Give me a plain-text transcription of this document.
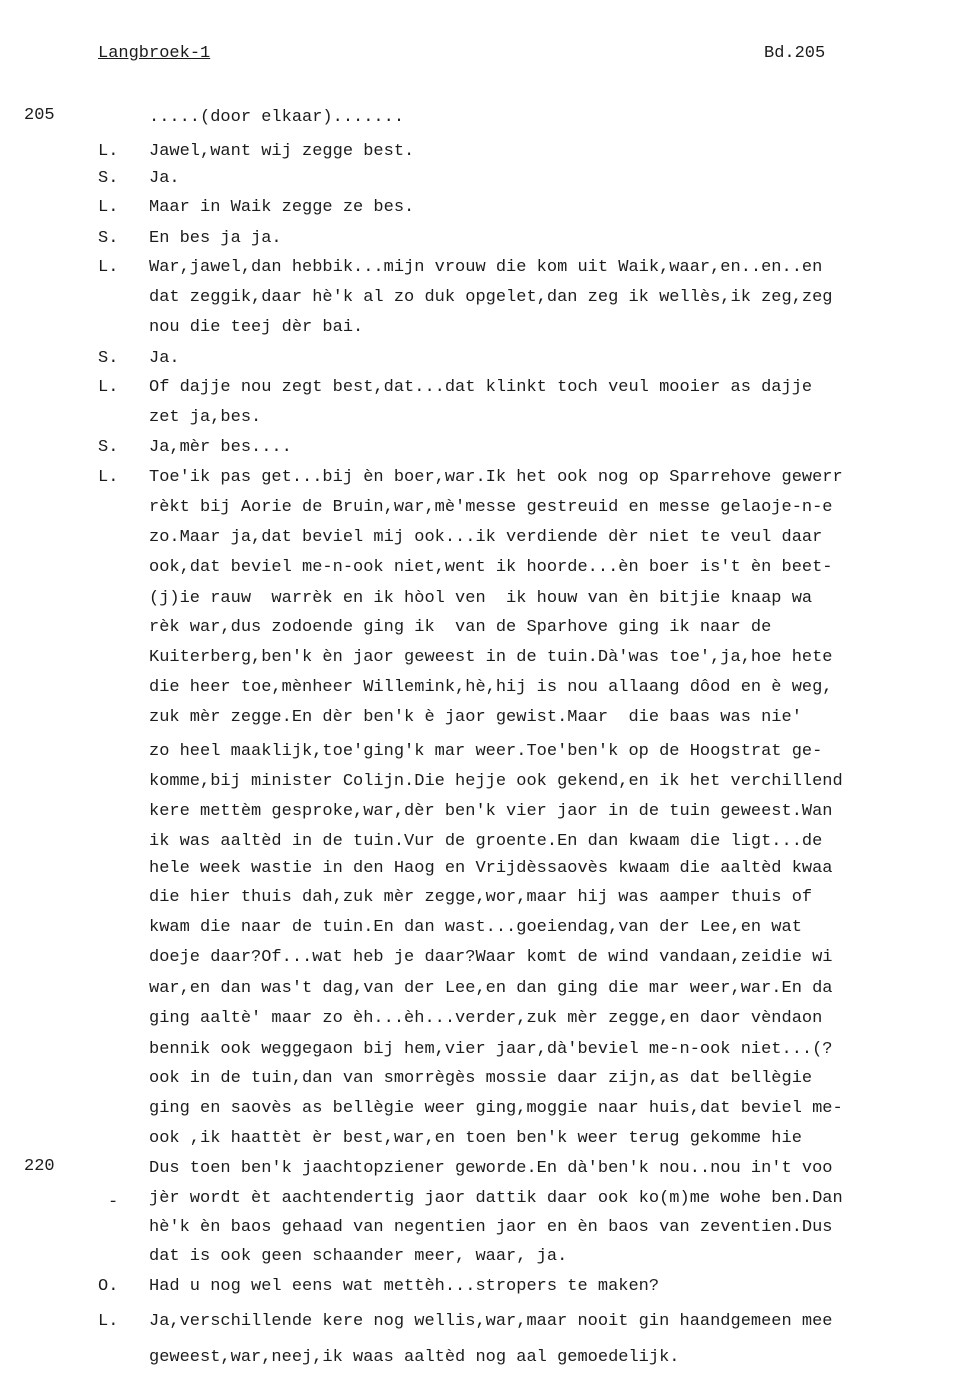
Langbroek-1	Bd.205
205
220
-
.....(door elkaar).......
L. Jawel,want wij zegge best.
S. Ja.
L. Maar in Waik zegge ze bes.
S. En bes ja ja.
L. War,jawel,dan hebbik...mijn vrouw die kom uit Waik,waar,en..en..en
dat zeggik,daar hè'k al zo duk opgelet,dan zeg ik wellès,ik zeg,zeg
nou die teej dèr bai.
S. Ja.
L. Of dajje nou zegt best,dat...dat klinkt toch veul mooier as dajje
zet ja,bes.
S. Ja,mèr bes....
L. Toe'ik pas get...bij èn boer,war.Ik het ook nog op Sparrehove gewerr
rèkt bij Aorie de Bruin,war,mè'messe gestreuid en messe gelaoje-n-e
zo.Maar ja,dat beviel mij ook...ik verdiende dèr niet te veul daar
ook,dat beviel me-n-ook niet,went ik hoorde...èn boer is't èn beet-
(j)ie rauw  warrèk en ik hòol ven  ik houw van èn bitjie knaap wa
rèk war,dus zodoende ging ik  van de Sparhove ging ik naar de
Kuiterberg,ben'k èn jaor geweest in de tuin.Dà'was toe',ja,hoe hete
die heer toe,mènheer Willemink,hè,hij is nou allaang dôod en è weg,
zuk mèr zegge.En dèr ben'k è jaor gewist.Maar  die baas was nie'
zo heel maaklijk,toe'ging'k mar weer.Toe'ben'k op de Hoogstrat ge-
komme,bij minister Colijn.Die hejje ook gekend,en ik het verchillend
kere mettèm gesproke,war,dèr ben'k vier jaor in de tuin geweest.Wan
ik was aaltèd in de tuin.Vur de groente.En dan kwaam die ligt...de
hele week wastie in den Haog en Vrijdèssaovès kwaam die aaltèd kwaa
die hier thuis dah,zuk mèr zegge,wor,maar hij was aamper thuis of
kwam die naar de tuin.En dan wast...goeiendag,van der Lee,en wat
doeje daar?Of...wat heb je daar?Waar komt de wind vandaan,zeidie wi
war,en dan was't dag,van der Lee,en dan ging die mar weer,war.En da
ging aaltè' maar zo èh...èh...verder,zuk mèr zegge,en daor vèndaon
bennik ook weggegaon bij hem,vier jaar,dà'beviel me-n-ook niet...(?
ook in de tuin,dan van smorrègès mossie daar zijn,as dat bellègie
ging en saovès as bellègie weer ging,moggie naar huis,dat beviel me-
ook ,ik haattèt èr best,war,en toen ben'k weer terug gekomme hie
Dus toen ben'k jaachtopziener geworde.En dà'ben'k nou..nou in't voo
jèr wordt èt aachtendertig jaor dattik daar ook ko(m)me wohe ben.Dan
hè'k èn baos gehaad van negentien jaor en èn baos van zeventien.Dus
dat is ook geen schaander meer, waar, ja.
O. Had u nog wel eens wat mettèh...stropers te maken?
L. Ja,verschillende kere nog wellis,war,maar nooit gin haandgemeen mee
geweest,war,neej,ik waas aaltèd nog aal gemoedelijk.
